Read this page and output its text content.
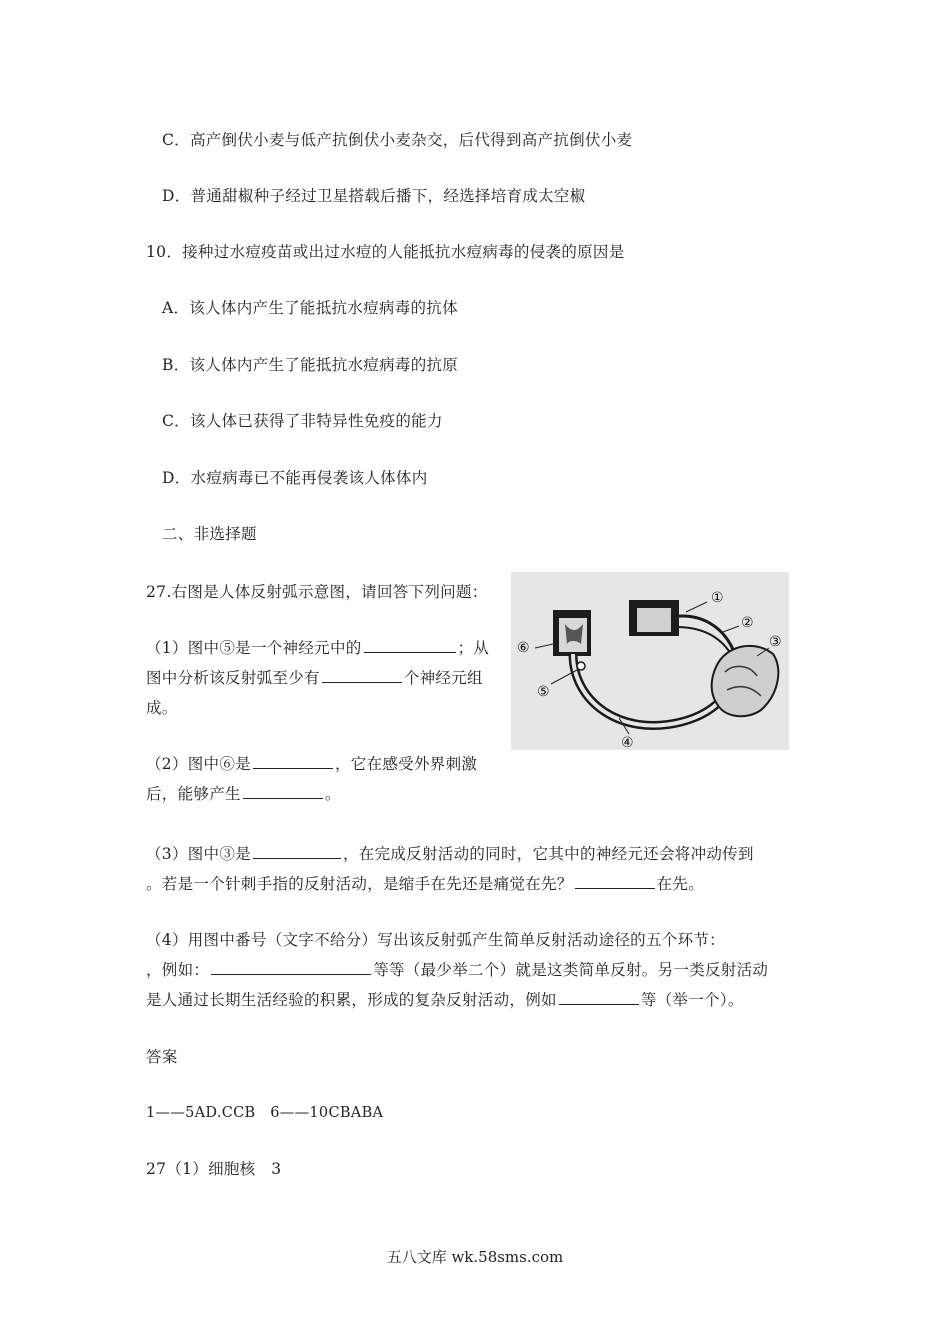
C．高产倒伏小麦与低产抗倒伏小麦杂交，后代得到高产抗倒伏小麦
D．普通甜椒种子经过卫星搭载后播下，经选择培育成太空椒
10．接种过水痘疫苗或出过水痘的人能抵抗水痘病毒的侵袭的原因是
A．该人体内产生了能抵抗水痘病毒的抗体
B．该人体内产生了能抵抗水痘病毒的抗原
C．该人体已获得了非特异性免疫的能力
D．水痘病毒已不能再侵袭该人体体内
二、非选择题
27.右图是人体反射弧示意图，请回答下列问题：
（1）图中⑤是一个神经元中的	；从
图中分析该反射弧至少有	个神经元组
成。
（2）图中⑥是	，它在感受外界刺激
后，能够产生	。
（3）图中③是	，在完成反射活动的同时，它其中的神经元还会将冲动传到
。若是一个针刺手指的反射活动，是缩手在先还是痛觉在先？	在先。
（4）用图中番号（文字不给分）写出该反射弧产生简单反射活动途径的五个环节：
，例如：	等等（最少举二个）就是这类简单反射。另一类反射活动
是人通过长期生活经验的积累，形成的复杂反射活动，例如	等（举一个）。
①
②
③
④
⑤
⑥
答案
1——5AD.CCB　6——10CBABA
27（1）细胞核　3
五八文库 wk.58sms.com
